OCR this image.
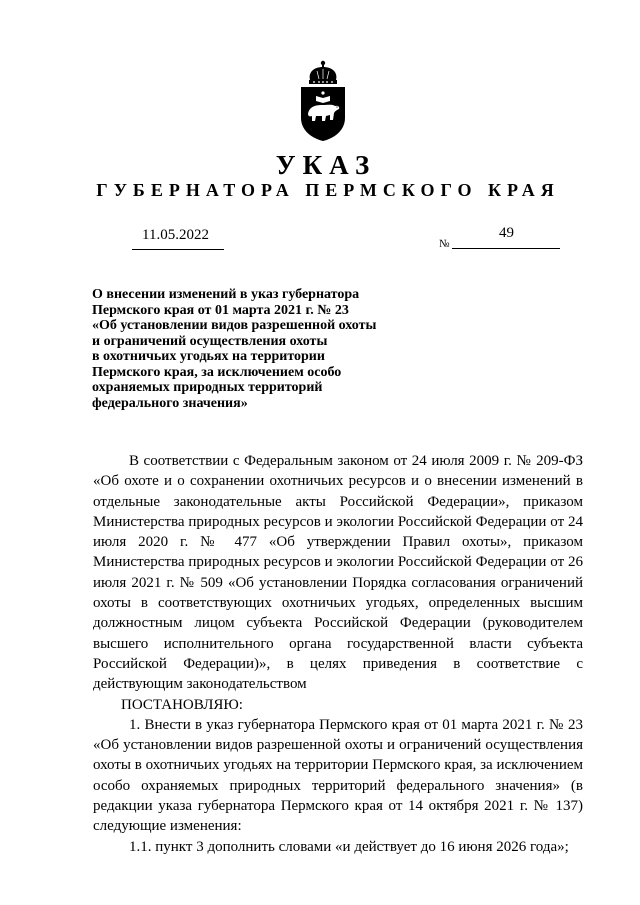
УКАЗ
ГУБЕРНАТОРА ПЕРМСКОГО КРАЯ
11.05.2022
№
49
О внесении изменений в указ губернатора
Пермского края от 01 марта 2021 г. № 23
«Об установлении видов разрешенной охоты
и ограничений осуществления охоты
в охотничьих угодьях на территории
Пермского края, за исключением особо
охраняемых природных территорий
федерального значения»

В соответствии с Федеральным законом от 24 июля 2009 г. № 209-ФЗ «Об охоте и о сохранении охотничьих ресурсов и о внесении изменений в отдельные законодательные акты Российской Федерации», приказом Министерства природных ресурсов и экологии Российской Федерации от 24 июля 2020 г. № 477 «Об утверждении Правил охоты», приказом Министерства природных ресурсов и экологии Российской Федерации от 26 июля 2021 г. № 509 «Об установлении Порядка согласования ограничений охоты в соответствующих охотничьих угодьях, определенных высшим должностным лицом субъекта Российской Федерации (руководителем высшего исполнительного органа государственной власти субъекта Российской Федерации)», в целях приведения в соответствие с действующим законодательством

ПОСТАНОВЛЯЮ:

1. Внести в указ губернатора Пермского края от 01 марта 2021 г. № 23 «Об установлении видов разрешенной охоты и ограничений осуществления охоты в охотничьих угодьях на территории Пермского края, за исключением особо охраняемых природных территорий федерального значения» (в редакции указа губернатора Пермского края от 14 октября 2021 г. № 137) следующие изменения:

1.1. пункт 3 дополнить словами «и действует до 16 июня 2026 года»;
